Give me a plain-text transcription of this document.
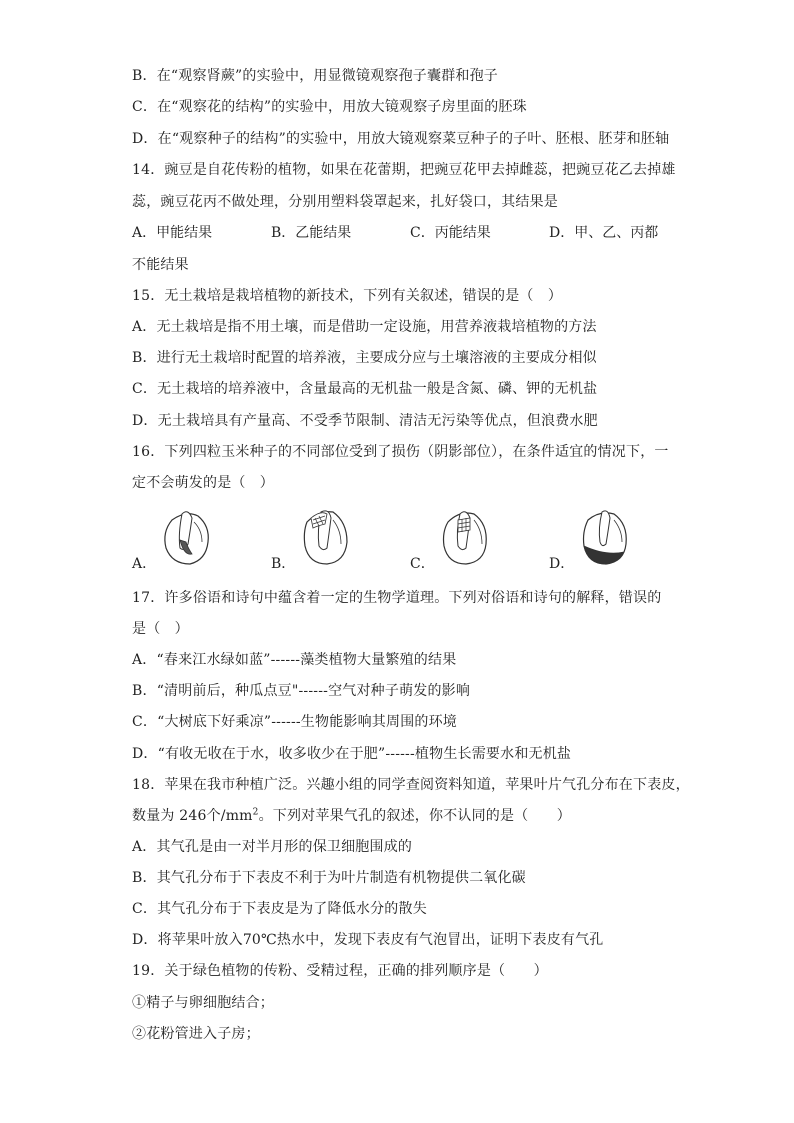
B．在“观察肾蕨”的实验中，用显微镜观察孢子囊群和孢子
C．在“观察花的结构”的实验中，用放大镜观察子房里面的胚珠
D．在“观察种子的结构”的实验中，用放大镜观察菜豆种子的子叶、胚根、胚芽和胚轴
14．豌豆是自花传粉的植物，如果在花蕾期，把豌豆花甲去掉雌蕊，把豌豆花乙去掉雄
蕊，豌豆花丙不做处理，分别用塑料袋罩起来，扎好袋口，其结果是
A．甲能结果	B．乙能结果	C．丙能结果	D．甲、乙、丙都
不能结果
15．无土栽培是栽培植物的新技术，下列有关叙述，错误的是（　）
A．无土栽培是指不用土壤，而是借助一定设施，用营养液栽培植物的方法
B．进行无土栽培时配置的培养液，主要成分应与土壤溶液的主要成分相似
C．无土栽培的培养液中，含量最高的无机盐一般是含氮、磷、钾的无机盐
D．无土栽培具有产量高、不受季节限制、清洁无污染等优点，但浪费水肥
16．下列四粒玉米种子的不同部位受到了损伤（阴影部位），在条件适宜的情况下，一
定不会萌发的是（　）
A．	B．	C．	D．
17．许多俗语和诗句中蕴含着一定的生物学道理。下列对俗语和诗句的解释，错误的
是（　）
A．“春来江水绿如蓝”------藻类植物大量繁殖的结果
B．“清明前后，种瓜点豆"------空气对种子萌发的影响
C．“大树底下好乘凉”------生物能影响其周围的环境
D．“有收无收在于水，收多收少在于肥”------植物生长需要水和无机盐
18．苹果在我市种植广泛。兴趣小组的同学查阅资料知道，苹果叶片气孔分布在下表皮，
数量为 246个$/mm^2$。下列对苹果气孔的叙述，你不认同的是（　　）
A．其气孔是由一对半月形的保卫细胞围成的
B．其气孔分布于下表皮不利于为叶片制造有机物提供二氧化碳
C．其气孔分布于下表皮是为了降低水分的散失
D．将苹果叶放入70℃热水中，发现下表皮有气泡冒出，证明下表皮有气孔
19．关于绿色植物的传粉、受精过程，正确的排列顺序是（　　）
①精子与卵细胞结合；
②花粉管进入子房；
